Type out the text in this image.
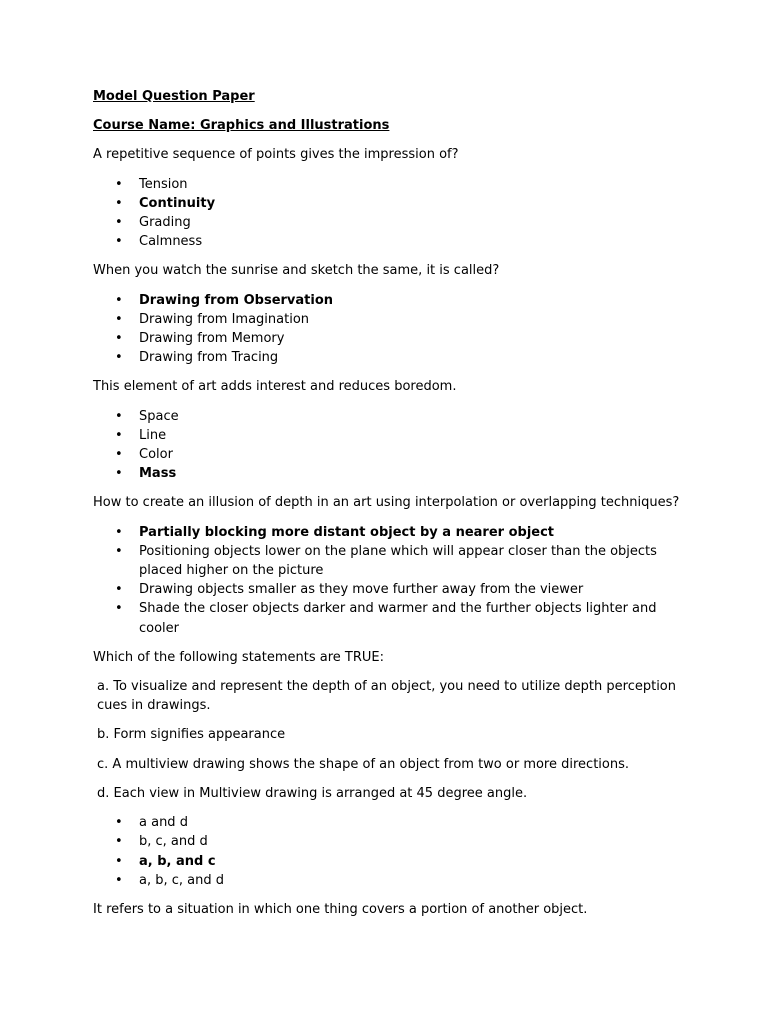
Model Question Paper

Course Name: Graphics and Illustrations

A repetitive sequence of points gives the impression of?

• Tension
• Continuity
• Grading
• Calmness

When you watch the sunrise and sketch the same, it is called?

• Drawing from Observation
• Drawing from Imagination
• Drawing from Memory
• Drawing from Tracing

This element of art adds interest and reduces boredom.

• Space
• Line
• Color
• Mass

How to create an illusion of depth in an art using interpolation or overlapping techniques?

• Partially blocking more distant object by a nearer object
• Positioning objects lower on the plane which will appear closer than the objects placed higher on the picture
• Drawing objects smaller as they move further away from the viewer
• Shade the closer objects darker and warmer and the further objects lighter and cooler

Which of the following statements are TRUE:

a. To visualize and represent the depth of an object, you need to utilize depth perception cues in drawings.

b. Form signifies appearance

c. A multiview drawing shows the shape of an object from two or more directions.

d. Each view in Multiview drawing is arranged at 45 degree angle.

• a and d
• b, c, and d
• a, b, and c
• a, b, c, and d

It refers to a situation in which one thing covers a portion of another object.
